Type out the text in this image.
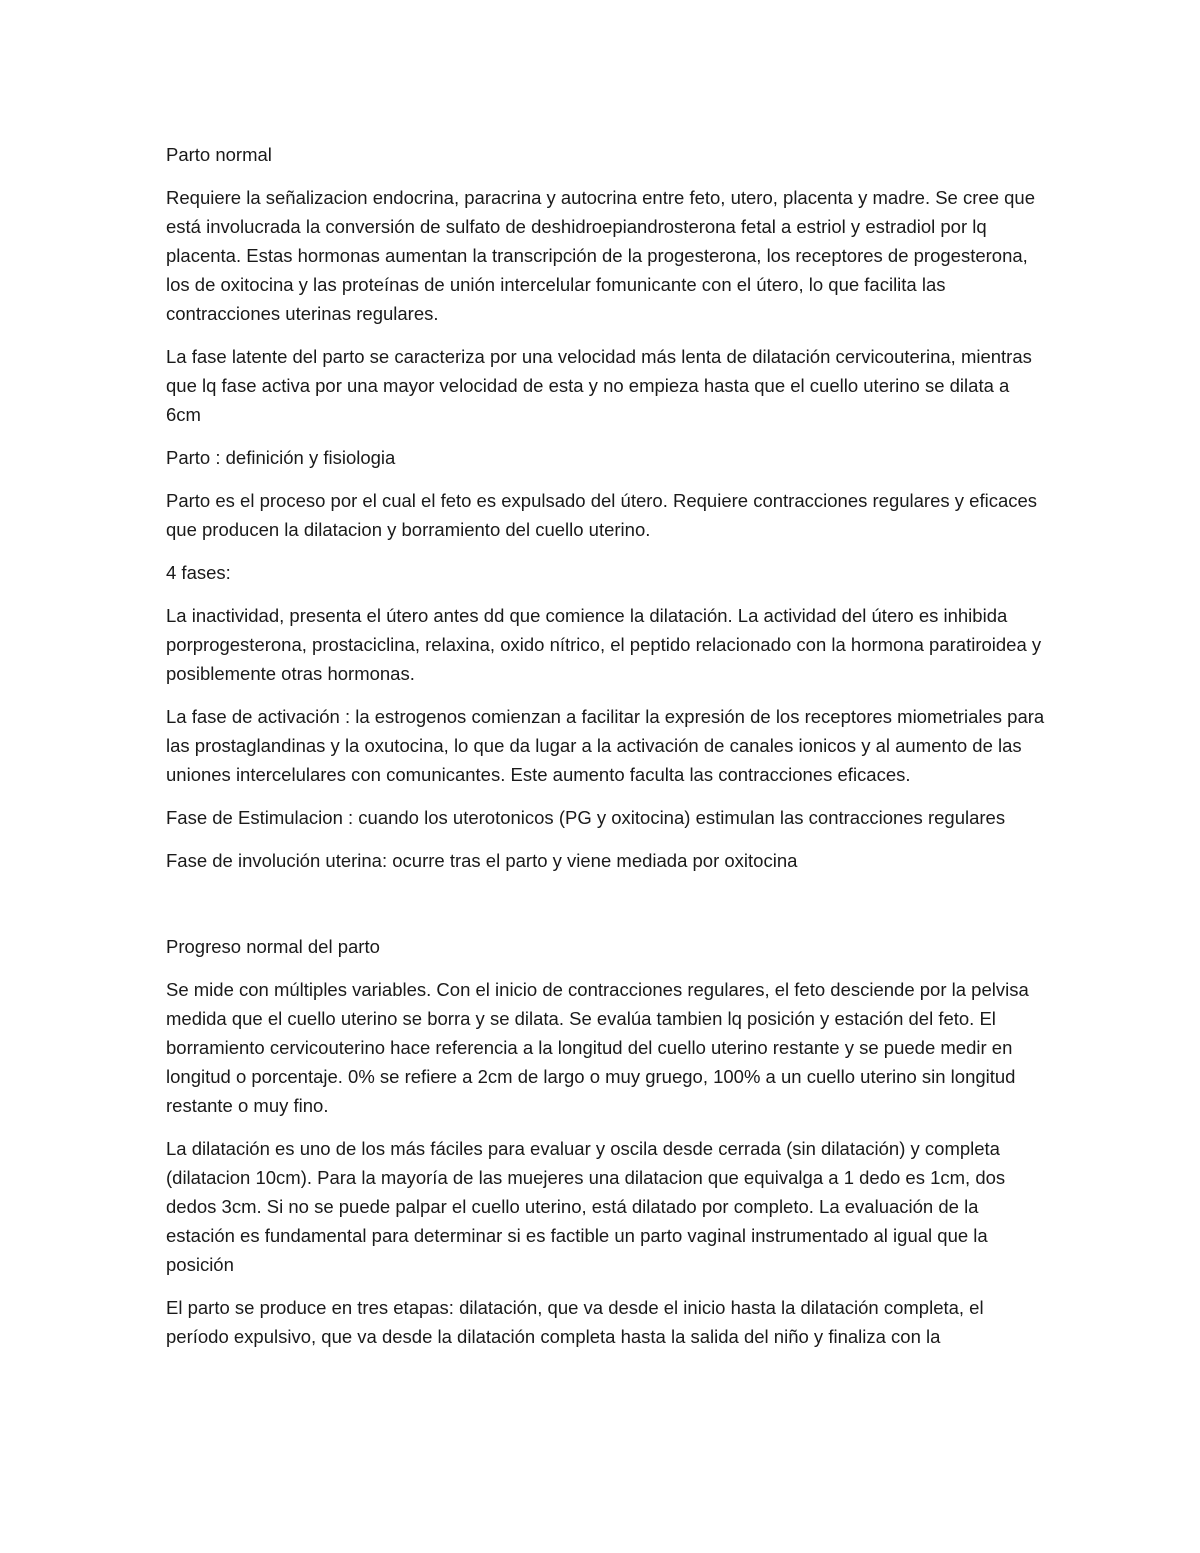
Parto normal

Requiere la señalizacion endocrina, paracrina y autocrina entre feto, utero, placenta y madre. Se cree que está involucrada la conversión de sulfato de deshidroepiandrosterona fetal a estriol y estradiol por lq placenta. Estas hormonas aumentan la transcripción de la progesterona, los receptores de progesterona, los de oxitocina y las proteínas de unión intercelular fomunicante con el útero, lo que facilita las contracciones uterinas regulares.

La fase latente del parto se caracteriza por una velocidad más lenta de dilatación cervicouterina, mientras que lq fase activa por una mayor velocidad de esta y no empieza hasta que el cuello uterino se dilata a 6cm

Parto : definición y fisiologia

Parto es el proceso por el cual el feto es expulsado del útero. Requiere contracciones regulares y eficaces que producen la dilatacion y borramiento del cuello uterino.

4 fases:

La inactividad, presenta el útero antes dd que comience la dilatación. La actividad del útero es inhibida porprogesterona, prostaciclina, relaxina, oxido nítrico, el peptido relacionado con la hormona paratiroidea y posiblemente otras hormonas.

La fase de activación : la estrogenos comienzan a facilitar la expresión de los receptores miometriales para las prostaglandinas y la oxutocina, lo que da lugar a la activación de canales ionicos y al aumento de las uniones intercelulares con comunicantes. Este aumento faculta las contracciones eficaces.

Fase de Estimulacion : cuando los uterotonicos (PG y oxitocina) estimulan las contracciones regulares

Fase de involución uterina: ocurre tras el parto y viene mediada por oxitocina

Progreso normal del parto

Se mide con múltiples variables. Con el inicio de contracciones regulares, el feto desciende por la pelvisa medida que el cuello uterino se borra y se dilata. Se evalúa tambien lq posición y estación del feto. El borramiento cervicouterino hace referencia a la longitud del cuello uterino restante y se puede medir en longitud o porcentaje. 0% se refiere a 2cm de largo o muy gruego, 100% a un cuello uterino sin longitud restante o muy fino.

La dilatación es uno de los más fáciles para evaluar y oscila desde cerrada (sin dilatación) y completa (dilatacion 10cm). Para la mayoría de las muejeres una dilatacion que equivalga a 1 dedo es 1cm, dos dedos 3cm. Si no se puede palpar el cuello uterino, está dilatado por completo. La evaluación de la estación es fundamental para determinar si es factible un parto vaginal instrumentado al igual que la posición

El parto se produce en tres etapas: dilatación, que va desde el inicio hasta la dilatación completa, el período expulsivo, que va desde la dilatación completa hasta la salida del niño y finaliza con la
